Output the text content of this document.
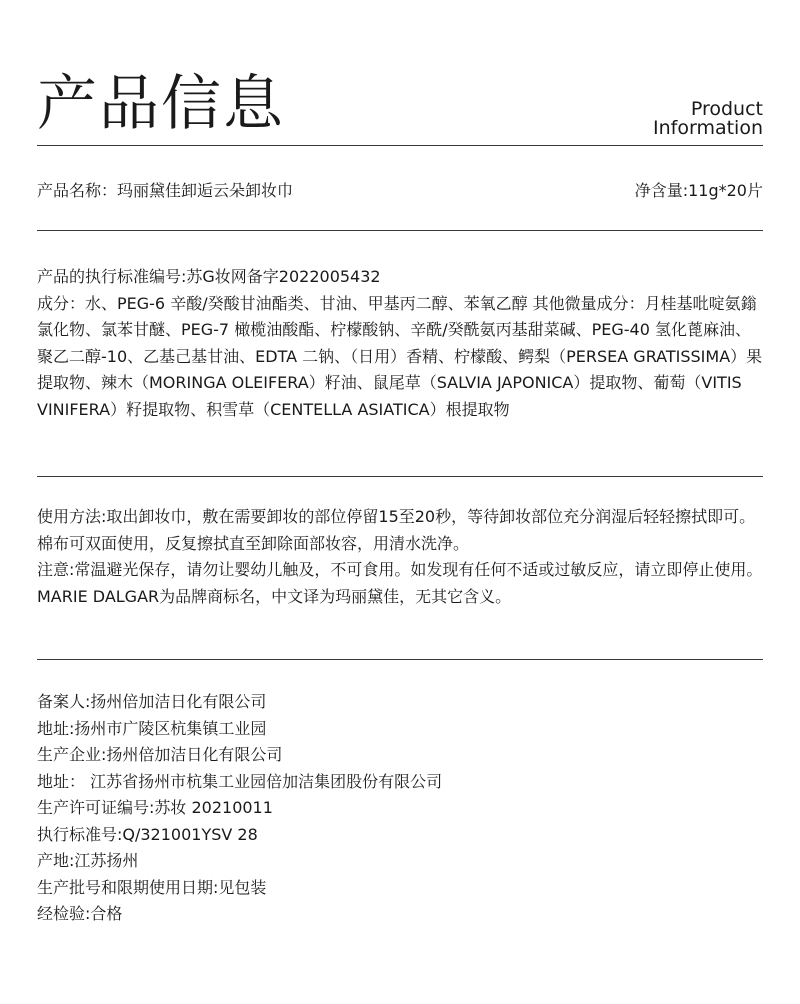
产品信息	Product
Information
产品名称：玛丽黛佳卸逅云朵卸妆巾	净含量:11g*20片

产品的执行标准编号:苏G妆网备字2022005432

成分：水、PEG-6 辛酸/癸酸甘油酯类、甘油、甲基丙二醇、苯氧乙醇 其他微量成分：月桂基吡啶氨鎓氯化物、氯苯甘醚、PEG-7 橄榄油酸酯、柠檬酸钠、辛酰/癸酰氨丙基甜菜碱、PEG-40 氢化蓖麻油、聚乙二醇-10、乙基己基甘油、EDTA 二钠、（日用）香精、柠檬酸、鳄梨（PERSEA GRATISSIMA）果提取物、辣木（MORINGA OLEIFERA）籽油、鼠尾草（SALVIA JAPONICA）提取物、葡萄（VITIS VINIFERA）籽提取物、积雪草（CENTELLA ASIATICA）根提取物

使用方法:取出卸妆巾，敷在需要卸妆的部位停留15至20秒，等待卸妆部位充分润湿后轻轻擦拭即可。棉布可双面使用，反复擦拭直至卸除面部妆容，用清水洗净。

注意:常温避光保存，请勿让婴幼儿触及，不可食用。如发现有任何不适或过敏反应，请立即停止使用。

MARIE DALGAR为品牌商标名，中文译为玛丽黛佳，无其它含义。

备案人:扬州倍加洁日化有限公司

地址:扬州市广陵区杭集镇工业园

生产企业:扬州倍加洁日化有限公司

地址： 江苏省扬州市杭集工业园倍加洁集团股份有限公司

生产许可证编号:苏妆 20210011

执行标准号:Q/321001YSV 28

产地:江苏扬州

生产批号和限期使用日期:见包装

经检验:合格
